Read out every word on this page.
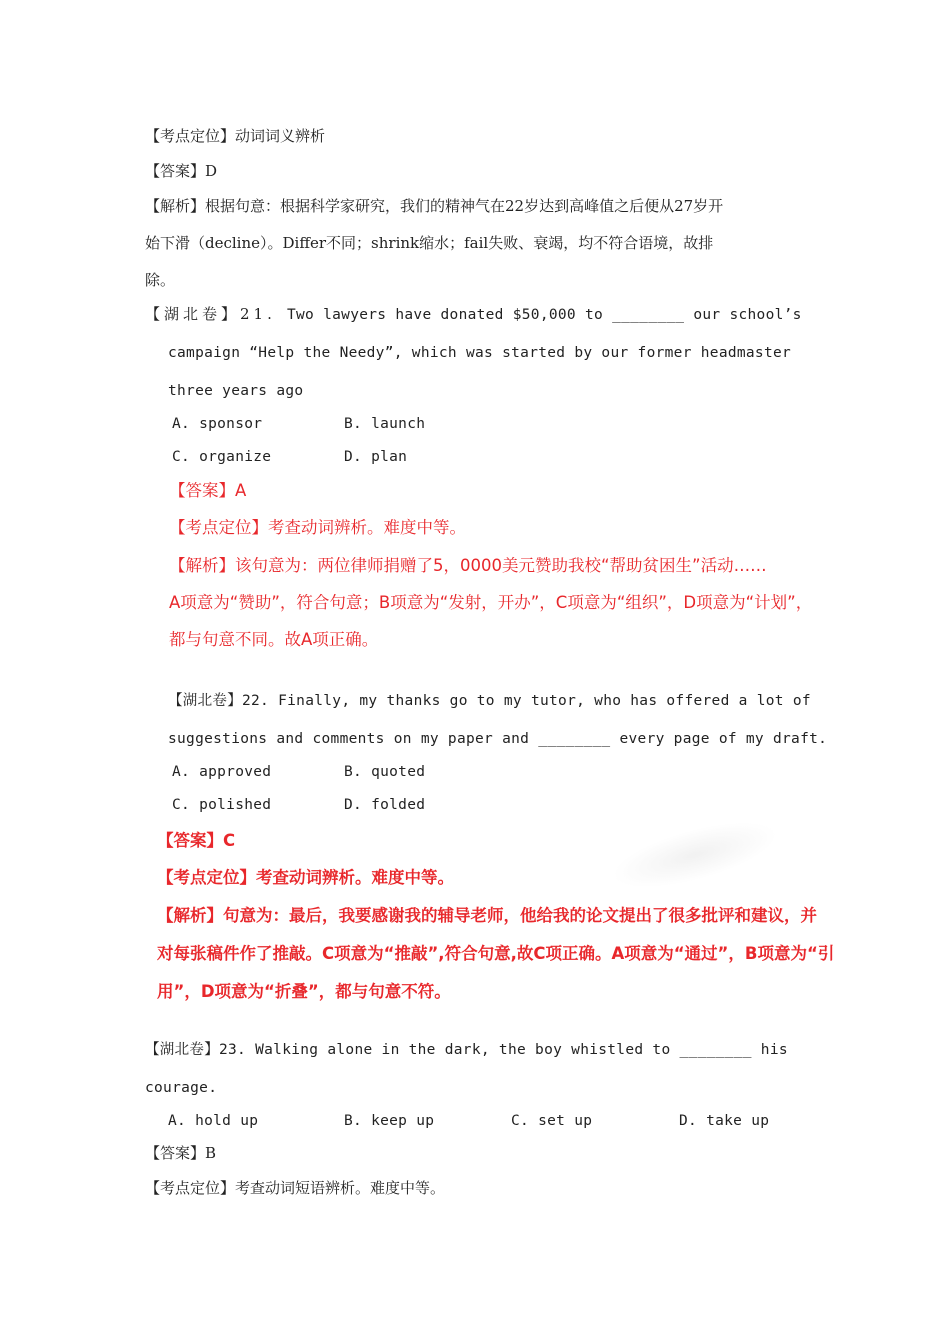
【考点定位】动词词义辨析
【答案】D
【解析】根据句意：根据科学家研究，我们的精神气在22岁达到高峰值之后便从27岁开
始下滑（decline）。Differ不同；shrink缩水；fail失败、衰竭，均不符合语境，故排
除。
【湖北卷】21. Two lawyers have donated $50,000 to ________ our school’s
campaign “Help the Needy”, which was started by our former headmaster
three years ago
A. sponsor	B. launch
C. organize	D. plan
【答案】A
【考点定位】考查动词辨析。难度中等。
【解析】该句意为：两位律师捐赠了5，0000美元赞助我校“帮助贫困生”活动……
A项意为“赞助”，符合句意；B项意为“发射，开办”，C项意为“组织”，D项意为“计划”，
都与句意不同。故A项正确。
【湖北卷】22. Finally, my thanks go to my tutor, who has offered a lot of
suggestions and comments on my paper and ________ every page of my draft.
A. approved	B. quoted
C. polished	D. folded
【答案】C
【考点定位】考查动词辨析。难度中等。
【解析】句意为：最后，我要感谢我的辅导老师，他给我的论文提出了很多批评和建议，并
对每张稿件作了推敲。C项意为“推敲”,符合句意,故C项正确。A项意为“通过”，B项意为“引
用”，D项意为“折叠”，都与句意不符。
【湖北卷】23. Walking alone in the dark, the boy whistled to ________ his
courage.
A. hold up	B. keep up	C. set up	D. take up
【答案】B
【考点定位】考查动词短语辨析。难度中等。
